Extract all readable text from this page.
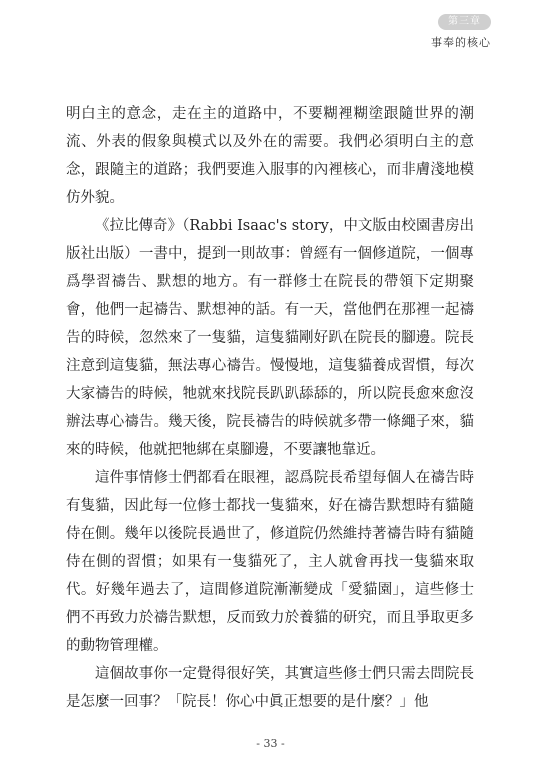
第三章
事奉的核心

明白主的意念，走在主的道路中，不要糊裡糊塗跟隨世界的潮流、外表的假象與模式以及外在的需要。我們必須明白主的意念，跟隨主的道路；我們要進入服事的內裡核心，而非膚淺地模仿外貌。

《拉比傳奇》（Rabbi Isaac's story，中文版由校園書房出版社出版）一書中，提到一則故事：曾經有一個修道院，一個專爲學習禱告、默想的地方。有一群修士在院長的帶領下定期聚會，他們一起禱告、默想神的話。有一天，當他們在那裡一起禱告的時候，忽然來了一隻貓，這隻貓剛好趴在院長的腳邊。院長注意到這隻貓，無法專心禱告。慢慢地，這隻貓養成習慣，每次大家禱告的時候，牠就來找院長趴趴舔舔的，所以院長愈來愈沒辦法專心禱告。幾天後，院長禱告的時候就多帶一條繩子來，貓來的時候，他就把牠綁在桌腳邊，不要讓牠靠近。

這件事情修士們都看在眼裡，認爲院長希望每個人在禱告時有隻貓，因此每一位修士都找一隻貓來，好在禱告默想時有貓隨侍在側。幾年以後院長過世了，修道院仍然維持著禱告時有貓隨侍在側的習慣；如果有一隻貓死了，主人就會再找一隻貓來取代。好幾年過去了，這間修道院漸漸變成「愛貓園」，這些修士們不再致力於禱告默想，反而致力於養貓的研究，而且爭取更多的動物管理權。

這個故事你一定覺得很好笑，其實這些修士們只需去問院長是怎麼一回事？「院長！你心中眞正想要的是什麼？」他

- 33 -
